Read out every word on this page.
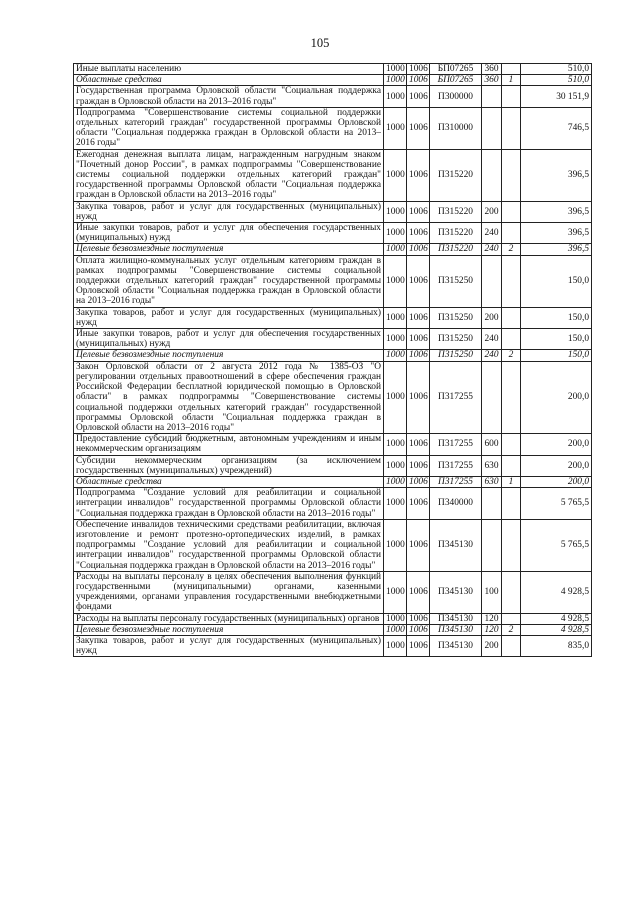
105
Иные выплаты населению	1000	1006	БП07265	360		510,0
Областные средства	1000	1006	БП07265	360	1	510,0
Государственная программа Орловской области "Социальная поддержка граждан в Орловской области на 2013–2016 годы"	1000	1006	П300000			30 151,9
Подпрограмма "Совершенствование системы социальной поддержки отдельных категорий граждан" государственной программы Орловской области "Социальная поддержка граждан в Орловской области на 2013–2016 годы"	1000	1006	П310000			746,5
Ежегодная денежная выплата лицам, награжденным нагрудным знаком "Почетный донор России", в рамках подпрограммы "Совершенствование системы социальной поддержки отдельных категорий граждан" государственной программы Орловской области "Социальная поддержка граждан в Орловской области на 2013–2016 годы"	1000	1006	П315220			396,5
Закупка товаров, работ и услуг для государственных (муниципальных) нужд	1000	1006	П315220	200		396,5
Иные закупки товаров, работ и услуг для обеспечения государственных (муниципальных) нужд	1000	1006	П315220	240		396,5
Целевые безвозмездные поступления	1000	1006	П315220	240	2	396,5
Оплата жилищно-коммунальных услуг отдельным категориям граждан в рамках подпрограммы "Совершенствование системы социальной поддержки отдельных категорий граждан" государственной программы Орловской области "Социальная поддержка граждан в Орловской области на 2013–2016 годы"	1000	1006	П315250			150,0
Закупка товаров, работ и услуг для государственных (муниципальных) нужд	1000	1006	П315250	200		150,0
Иные закупки товаров, работ и услуг для обеспечения государственных (муниципальных) нужд	1000	1006	П315250	240		150,0
Целевые безвозмездные поступления	1000	1006	П315250	240	2	150,0
Закон Орловской области от 2 августа 2012 года № 1385-ОЗ "О регулировании отдельных правоотношений в сфере обеспечения граждан Российской Федерации бесплатной юридической помощью в Орловской области" в рамках подпрограммы "Совершенствование системы социальной поддержки отдельных категорий граждан" государственной программы Орловской области "Социальная поддержка граждан в Орловской области на 2013–2016 годы"	1000	1006	П317255			200,0
Предоставление субсидий бюджетным, автономным учреждениям и иным некоммерческим организациям	1000	1006	П317255	600		200,0
Субсидии некоммерческим организациям (за исключением государственных (муниципальных) учреждений)	1000	1006	П317255	630		200,0
Областные средства	1000	1006	П317255	630	1	200,0
Подпрограмма "Создание условий для реабилитации и социальной интеграции инвалидов" государственной программы Орловской области "Социальная поддержка граждан в Орловской области на 2013–2016 годы"	1000	1006	П340000			5 765,5
Обеспечение инвалидов техническими средствами реабилитации, включая изготовление и ремонт протезно-ортопедических изделий, в рамках подпрограммы "Создание условий для реабилитации и социальной интеграции инвалидов" государственной программы Орловской области "Социальная поддержка граждан в Орловской области на 2013–2016 годы"	1000	1006	П345130			5 765,5
Расходы на выплаты персоналу в целях обеспечения выполнения функций государственными (муниципальными) органами, казенными учреждениями, органами управления государственными внебюджетными фондами	1000	1006	П345130	100		4 928,5
Расходы на выплаты персоналу государственных (муниципальных) органов	1000	1006	П345130	120		4 928,5
Целевые безвозмездные поступления	1000	1006	П345130	120	2	4 928,5
Закупка товаров, работ и услуг для государственных (муниципальных) нужд	1000	1006	П345130	200		835,0
